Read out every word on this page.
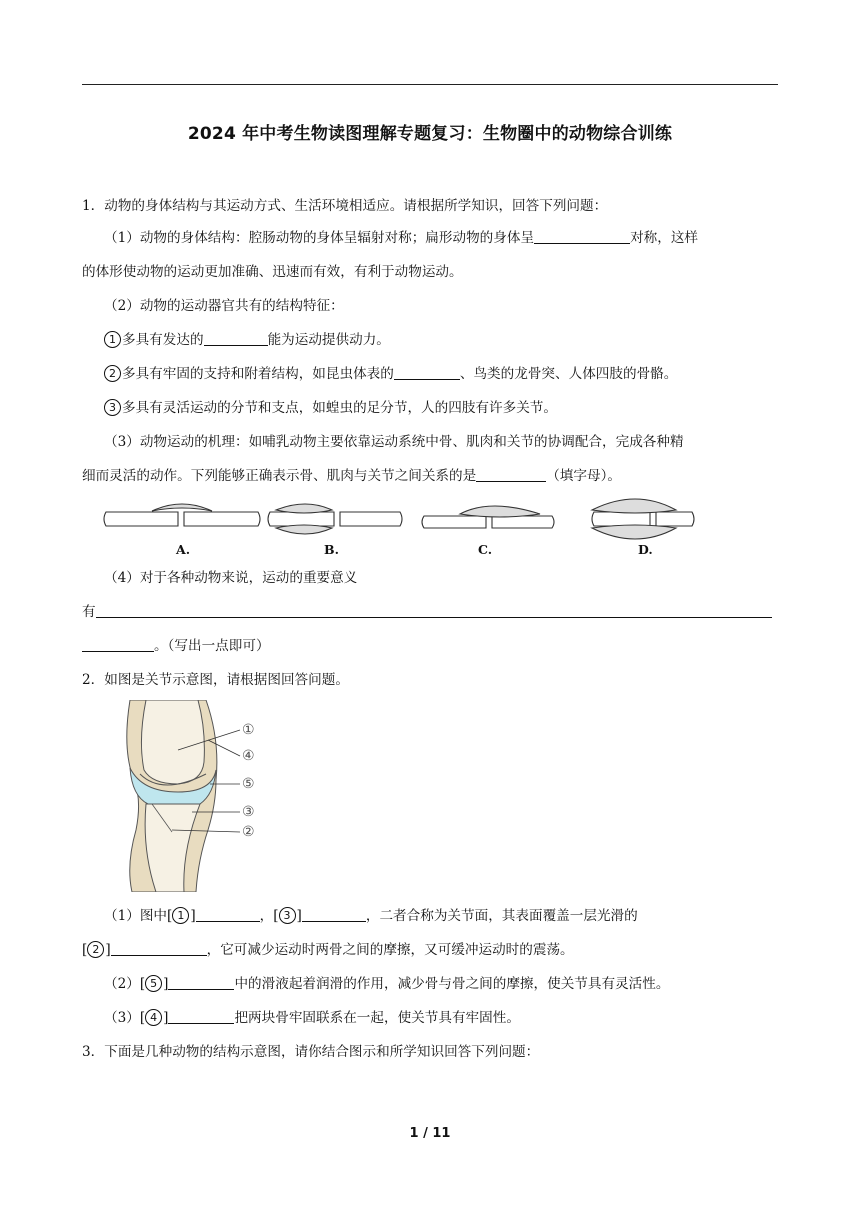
2024 年中考生物读图理解专题复习：生物圈中的动物综合训练
1．动物的身体结构与其运动方式、生活环境相适应。请根据所学知识，回答下列问题：
（1）动物的身体结构：腔肠动物的身体呈辐射对称；扁形动物的身体呈	对称，这样
的体形使动物的运动更加准确、迅速而有效，有利于动物运动。
（2）动物的运动器官共有的结构特征：
1 多具有发达的	能为运动提供动力。
2 多具有牢固的支持和附着结构，如昆虫体表的	、鸟类的龙骨突、人体四肢的骨骼。
3 多具有灵活运动的分节和支点，如蝗虫的足分节，人的四肢有许多关节。
（3）动物运动的机理：如哺乳动物主要依靠运动系统中骨、肌肉和关节的协调配合，完成各种精
细而灵活的动作。下列能够正确表示骨、肌肉与关节之间关系的是	（填字母）。
A.	B.	C.	D.
（4）对于各种动物来说，运动的重要意义
有
。（写出一点即可）
2．如图是关节示意图，请根据图回答问题。
①
④
⑤
③
②
（1）图中[ 1 ]	，[ 3 ]	，二者合称为关节面，其表面覆盖一层光滑的
[ 2 ]	，它可减少运动时两骨之间的摩擦，又可缓冲运动时的震荡。
（2）[ 5 ]	中的滑液起着润滑的作用，减少骨与骨之间的摩擦，使关节具有灵活性。
（3）[ 4 ]	把两块骨牢固联系在一起，使关节具有牢固性。
3．下面是几种动物的结构示意图，请你结合图示和所学知识回答下列问题：
1 / 11
